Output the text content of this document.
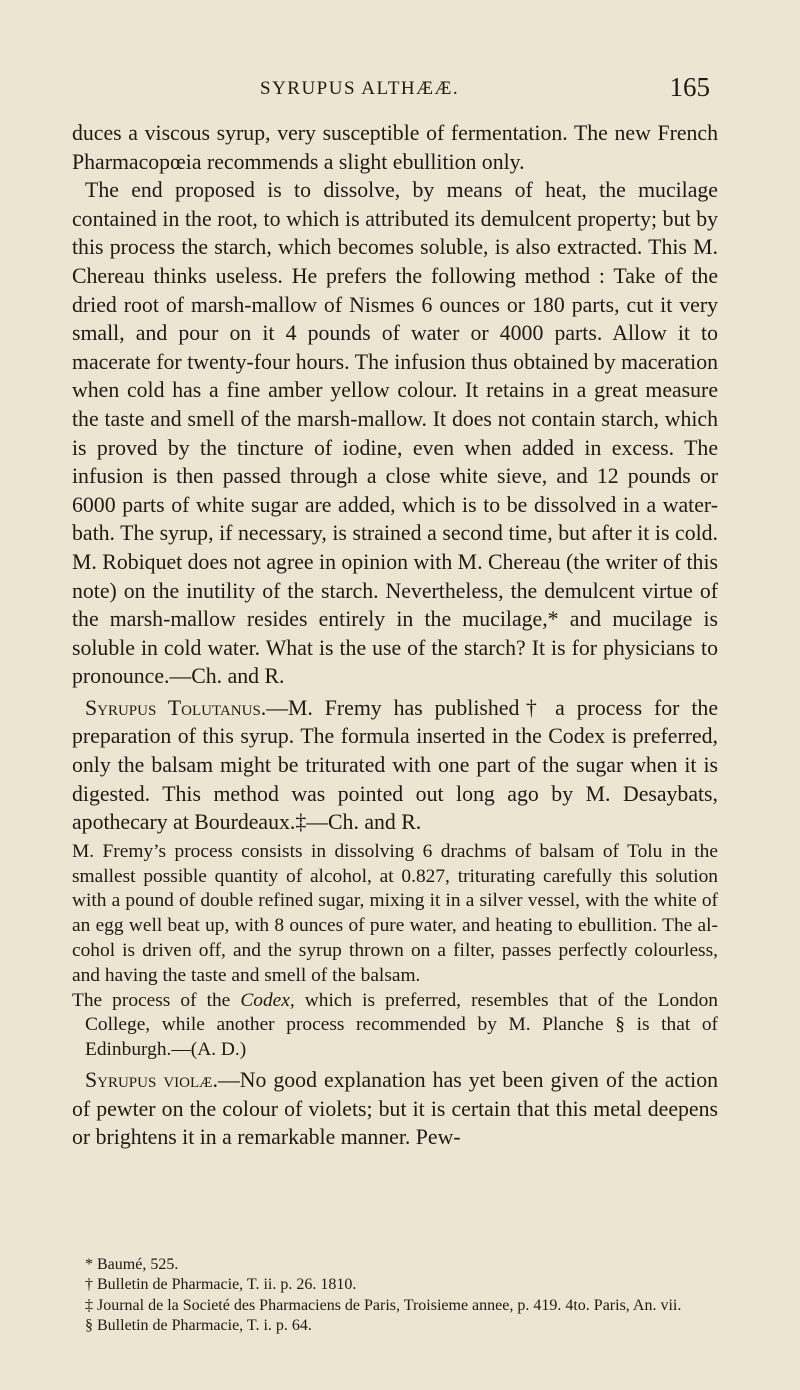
SYRUPUS ALTHÆÆ.	165

duces a viscous syrup, very susceptible of fermentation. The new French Pharmacopœia recommends a slight ebullition only.

The end proposed is to dissolve, by means of heat, the mucilage contained in the root, to which is attributed its demulcent property; but by this process the starch, which becomes soluble, is also extracted. This M. Chereau thinks useless. He prefers the following method : Take of the dried root of marsh-mallow of Nismes 6 ounces or 180 parts, cut it very small, and pour on it 4 pounds of water or 4000 parts. Allow it to macerate for twenty-four hours. The infusion thus obtained by maceration when cold has a fine amber yellow colour. It retains in a great measure the taste and smell of the marsh-mallow. It does not contain starch, which is proved by the tincture of iodine, even when added in excess. The infusion is then passed through a close white sieve, and 12 pounds or 6000 parts of white sugar are added, which is to be dissolved in a water-bath. The syrup, if necessary, is strained a second time, but after it is cold. M. Robiquet does not agree in opinion with M. Chereau (the writer of this note) on the inutility of the starch. Nevertheless, the demulcent virtue of the marsh-mallow resides entirely in the mucilage,* and mucilage is soluble in cold water. What is the use of the starch? It is for physicians to pronounce.—Ch. and R.

Syrupus Tolutanus.—M. Fremy has published† a process for the preparation of this syrup. The formula inserted in the Codex is preferred, only the balsam might be triturated with one part of the sugar when it is digested. This method was pointed out long ago by M. Desaybats, apothecary at Bourdeaux.‡—Ch. and R.

M. Fremy’s process consists in dissolving 6 drachms of balsam of Tolu in the smallest possible quantity of alcohol, at 0.827, triturating carefully this solution with a pound of double refined sugar, mixing it in a silver vessel, with the white of an egg well beat up, with 8 ounces of pure water, and heating to ebullition. The alcohol is driven off, and the syrup thrown on a filter, passes perfectly colourless, and having the taste and smell of the balsam.

The process of the Codex, which is preferred, resembles that of the London College, while another process recommended by M. Planche § is that of Edinburgh.—(A. D.)

Syrupus violæ.—No good explanation has yet been given of the action of pewter on the colour of violets; but it is certain that this metal deepens or brightens it in a remarkable manner. Pew-

* Baumé, 525.

† Bulletin de Pharmacie, T. ii. p. 26. 1810.

‡ Journal de la Societé des Pharmaciens de Paris, Troisieme annee, p. 419. 4to. Paris, An. vii.

§ Bulletin de Pharmacie, T. i. p. 64.
